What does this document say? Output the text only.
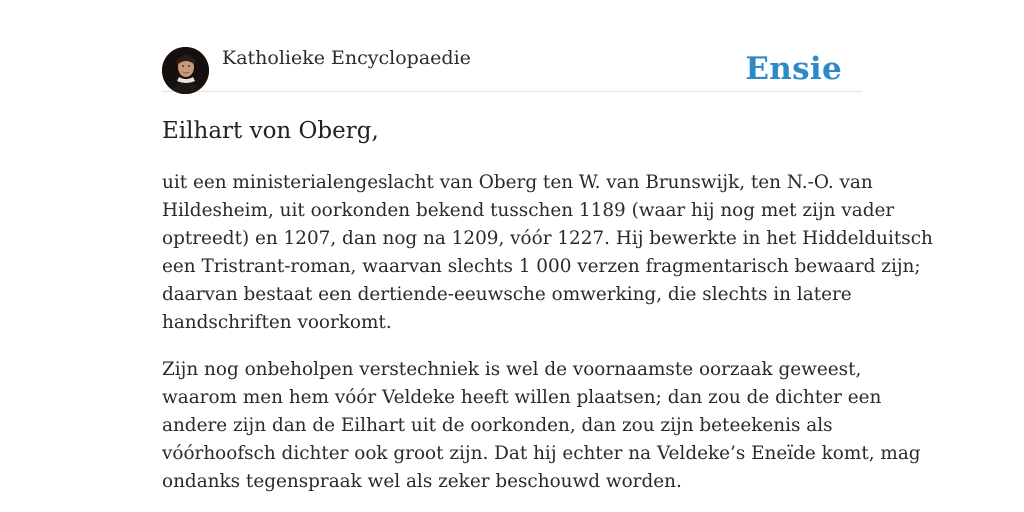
Katholieke Encyclopaedie	Ensie
Eilhart von Oberg,

uit een ministerialengeslacht van Oberg ten W. van Brunswijk, ten N.-O. van
Hildesheim, uit oorkonden bekend tusschen 1189 (waar hij nog met zijn vader
optreedt) en 1207, dan nog na 1209, vóór 1227. Hij bewerkte in het Hiddelduitsch
een Tristrant-roman, waarvan slechts 1 000 verzen fragmentarisch bewaard zijn;
daarvan bestaat een dertiende-eeuwsche omwerking, die slechts in latere
handschriften voorkomt.

Zijn nog onbeholpen verstechniek is wel de voornaamste oorzaak geweest,
waarom men hem vóór Veldeke heeft willen plaatsen; dan zou de dichter een
andere zijn dan de Eilhart uit de oorkonden, dan zou zijn beteekenis als
vóórhoofsch dichter ook groot zijn. Dat hij echter na Veldeke’s Eneïde komt, mag
ondanks tegenspraak wel als zeker beschouwd worden.
